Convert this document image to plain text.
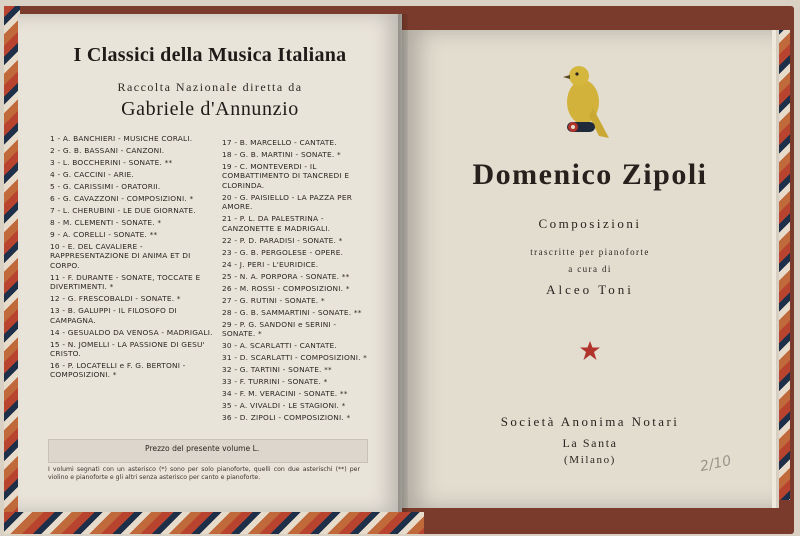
I Classici della Musica Italiana
Raccolta Nazionale diretta da
Gabriele d'Annunzio
1 - A. BANCHIERI - MUSICHE CORALI.
2 - G. B. BASSANI - CANZONI.
3 - L. BOCCHERINI - SONATE. **
4 - G. CACCINI - ARIE.
5 - G. CARISSIMI - ORATORII.
6 - G. CAVAZZONI - COMPOSIZIONI. *
7 - L. CHERUBINI - LE DUE GIORNATE.
8 - M. CLEMENTI - SONATE. *
9 - A. CORELLI - SONATE. **
10 - E. DEL CAVALIERE - RAPPRESENTAZIONE DI ANIMA ET DI CORPO.
11 - F. DURANTE - SONATE, TOCCATE E DIVERTIMENTI. *
12 - G. FRESCOBALDI - SONATE. *
13 - B. GALUPPI - IL FILOSOFO DI CAMPAGNA.
14 - GESUALDO DA VENOSA - MADRIGALI.
15 - N. JOMELLI - LA PASSIONE DI GESU' CRISTO.
16 - P. LOCATELLI e F. G. BERTONI - COMPOSIZIONI. *
17 - B. MARCELLO - CANTATE.
18 - G. B. MARTINI - SONATE. *
19 - C. MONTEVERDI - IL COMBATTIMENTO DI TANCREDI E CLORINDA.
20 - G. PAISIELLO - LA PAZZA PER AMORE.
21 - P. L. DA PALESTRINA - CANZONETTE E MADRIGALI.
22 - P. D. PARADISI - SONATE. *
23 - G. B. PERGOLESE - OPERE.
24 - J. PERI - L'EURIDICE.
25 - N. A. PORPORA - SONATE. **
26 - M. ROSSI - COMPOSIZIONI. *
27 - G. RUTINI - SONATE. *
28 - G. B. SAMMARTINI - SONATE. **
29 - P. G. SANDONI e SERINI - SONATE. *
30 - A. SCARLATTI - CANTATE.
31 - D. SCARLATTI - COMPOSIZIONI. *
32 - G. TARTINI - SONATE. **
33 - F. TURRINI - SONATE. *
34 - F. M. VERACINI - SONATE. **
35 - A. VIVALDI - LE STAGIONI. *
36 - D. ZIPOLI - COMPOSIZIONI. *
Prezzo del presente volume L.
I volumi segnati con un asterisco (*) sono per solo pianoforte, quelli con due asterischi (**) per violino e pianoforte e gli altri senza asterisco per canto e pianoforte.
Domenico Zipoli
Composizioni
trascritte per pianoforte
a cura di
Alceo Toni
Società Anonima Notari
La Santa
(Milano)	2/10
